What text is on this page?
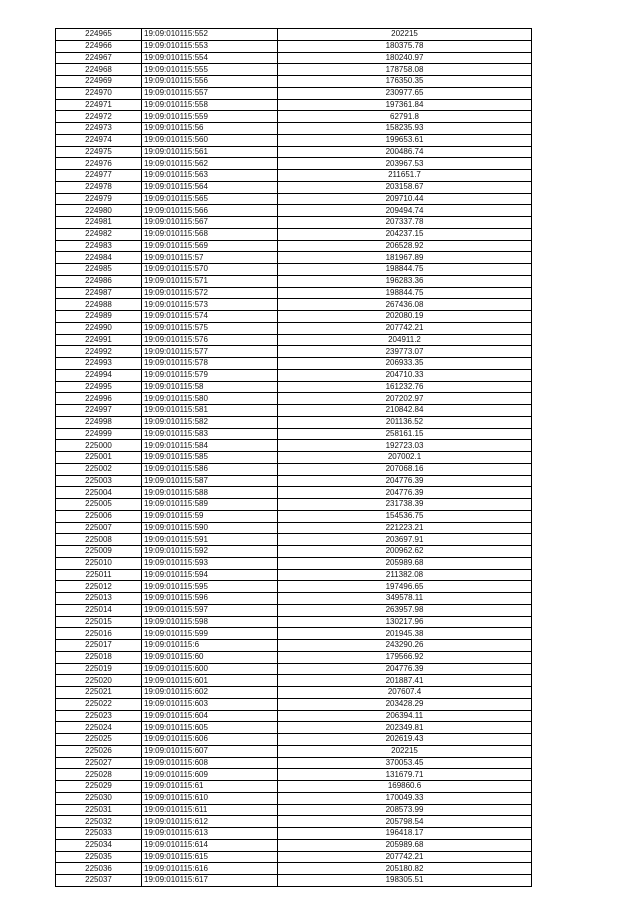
224965	19:09:010115:552	202215
224966	19:09:010115:553	180375.78
224967	19:09:010115:554	180240.97
224968	19:09:010115:555	178758.08
224969	19:09:010115:556	176350.35
224970	19:09:010115:557	230977.65
224971	19:09:010115:558	197361.84
224972	19:09:010115:559	62791.8
224973	19:09:010115:56	158235.93
224974	19:09:010115:560	199653.61
224975	19:09:010115:561	200486.74
224976	19:09:010115:562	203967.53
224977	19:09:010115:563	211651.7
224978	19:09:010115:564	203158.67
224979	19:09:010115:565	209710.44
224980	19:09:010115:566	209494.74
224981	19:09:010115:567	207337.78
224982	19:09:010115:568	204237.15
224983	19:09:010115:569	206528.92
224984	19:09:010115:57	181967.89
224985	19:09:010115:570	198844.75
224986	19:09:010115:571	196283.36
224987	19:09:010115:572	198844.75
224988	19:09:010115:573	267436.08
224989	19:09:010115:574	202080.19
224990	19:09:010115:575	207742.21
224991	19:09:010115:576	204911.2
224992	19:09:010115:577	239773.07
224993	19:09:010115:578	206933.35
224994	19:09:010115:579	204710.33
224995	19:09:010115:58	161232.76
224996	19:09:010115:580	207202.97
224997	19:09:010115:581	210842.84
224998	19:09:010115:582	201136.52
224999	19:09:010115:583	258161.15
225000	19:09:010115:584	192723.03
225001	19:09:010115:585	207002.1
225002	19:09:010115:586	207068.16
225003	19:09:010115:587	204776.39
225004	19:09:010115:588	204776.39
225005	19:09:010115:589	231738.39
225006	19:09:010115:59	154536.75
225007	19:09:010115:590	221223.21
225008	19:09:010115:591	203697.91
225009	19:09:010115:592	200962.62
225010	19:09:010115:593	205989.68
225011	19:09:010115:594	211382.08
225012	19:09:010115:595	197496.65
225013	19:09:010115:596	349578.11
225014	19:09:010115:597	263957.98
225015	19:09:010115:598	130217.96
225016	19:09:010115:599	201945.38
225017	19:09:010115:6	243290.26
225018	19:09:010115:60	179566.92
225019	19:09:010115:600	204776.39
225020	19:09:010115:601	201887.41
225021	19:09:010115:602	207607.4
225022	19:09:010115:603	203428.29
225023	19:09:010115:604	206394.11
225024	19:09:010115:605	202349.81
225025	19:09:010115:606	202619.43
225026	19:09:010115:607	202215
225027	19:09:010115:608	370053.45
225028	19:09:010115:609	131679.71
225029	19:09:010115:61	169860.6
225030	19:09:010115:610	170049.33
225031	19:09:010115:611	208573.99
225032	19:09:010115:612	205798.54
225033	19:09:010115:613	196418.17
225034	19:09:010115:614	205989.68
225035	19:09:010115:615	207742.21
225036	19:09:010115:616	205180.82
225037	19:09:010115:617	198305.51
